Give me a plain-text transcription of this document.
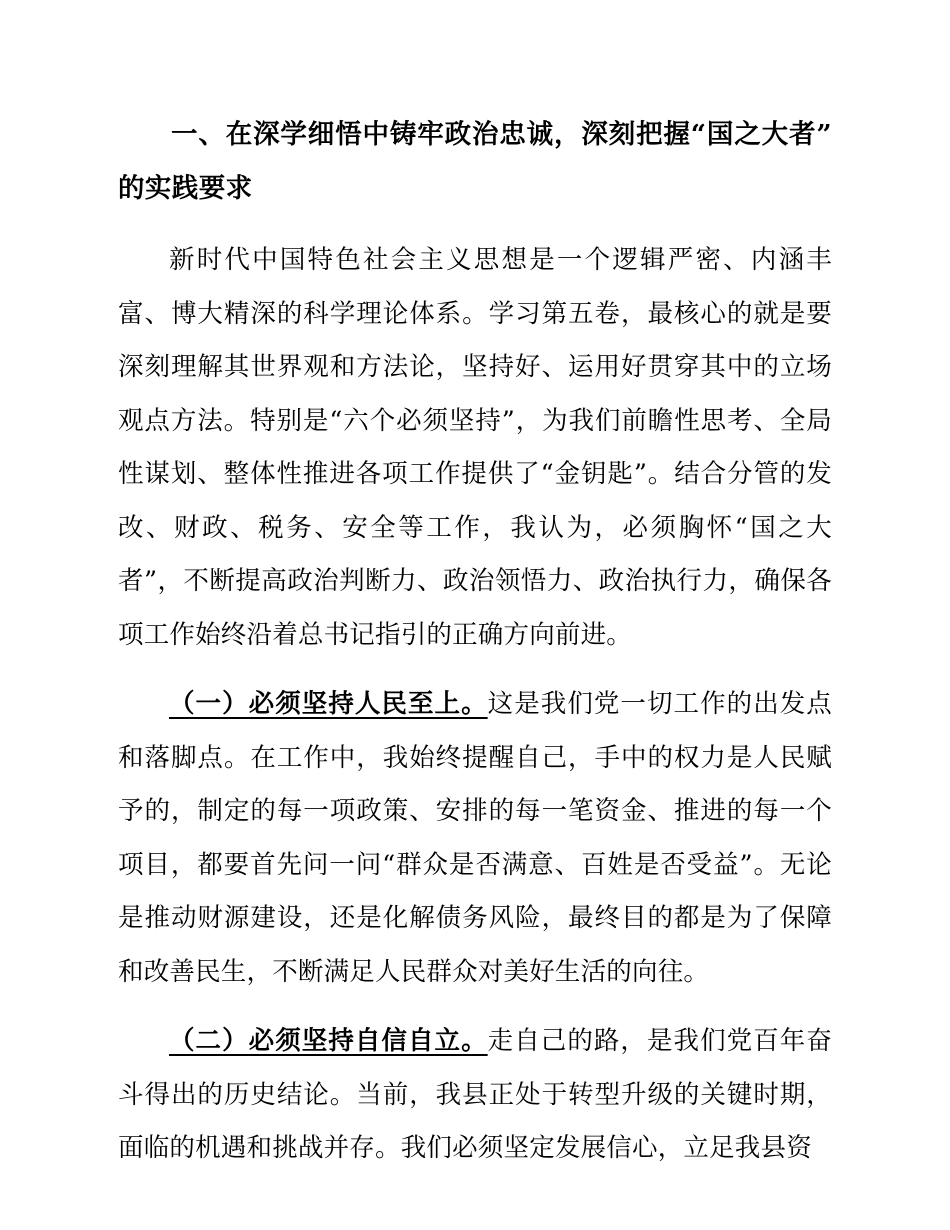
一、在深学细悟中铸牢政治忠诚，深刻把握“国之大者”的实践要求

新时代中国特色社会主义思想是一个逻辑严密、内涵丰富、博大精深的科学理论体系。学习第五卷，最核心的就是要深刻理解其世界观和方法论，坚持好、运用好贯穿其中的立场观点方法。特别是“六个必须坚持”，为我们前瞻性思考、全局性谋划、整体性推进各项工作提供了“金钥匙”。结合分管的发改、财政、税务、安全等工作，我认为，必须胸怀“国之大者”，不断提高政治判断力、政治领悟力、政治执行力，确保各项工作始终沿着总书记指引的正确方向前进。

（一）必须坚持人民至上。这是我们党一切工作的出发点和落脚点。在工作中，我始终提醒自己，手中的权力是人民赋予的，制定的每一项政策、安排的每一笔资金、推进的每一个项目，都要首先问一问“群众是否满意、百姓是否受益”。无论是推动财源建设，还是化解债务风险，最终目的都是为了保障和改善民生，不断满足人民群众对美好生活的向往。

（二）必须坚持自信自立。走自己的路，是我们党百年奋斗得出的历史结论。当前，我县正处于转型升级的关键时期，面临的机遇和挑战并存。我们必须坚定发展信心，立足我县资
